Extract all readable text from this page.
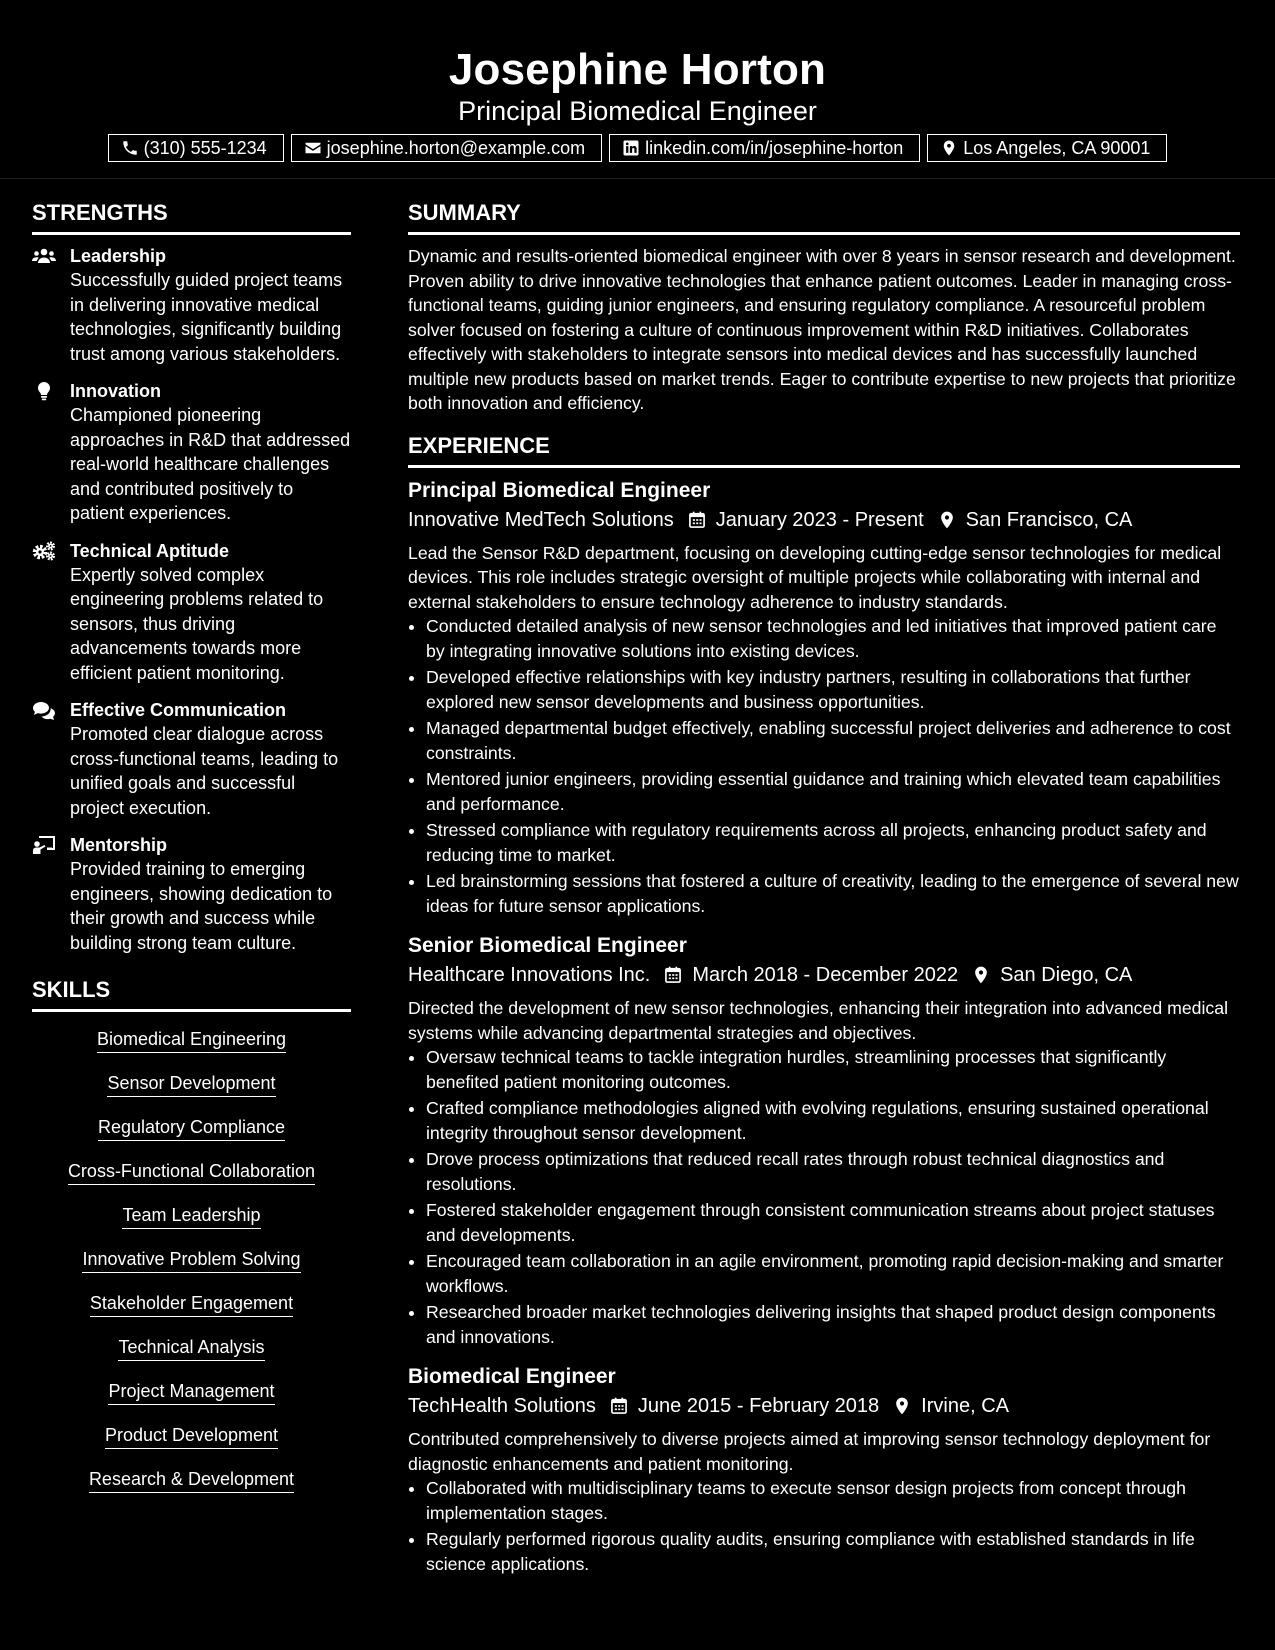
Josephine Horton
Principal Biomedical Engineer
(310) 555-1234	josephine.horton@example.com	linkedin.com/in/josephine-horton	Los Angeles, CA 90001
STRENGTHS
Leadership
Successfully guided project teams in delivering innovative medical technologies, significantly building trust among various stakeholders.
Innovation
Championed pioneering approaches in R&D that addressed real-world healthcare challenges and contributed positively to patient experiences.
Technical Aptitude
Expertly solved complex engineering problems related to sensors, thus driving advancements towards more efficient patient monitoring.
Effective Communication
Promoted clear dialogue across cross-functional teams, leading to unified goals and successful project execution.
Mentorship
Provided training to emerging engineers, showing dedication to their growth and success while building strong team culture.
SKILLS
Biomedical Engineering
Sensor Development
Regulatory Compliance
Cross-Functional Collaboration
Team Leadership
Innovative Problem Solving
Stakeholder Engagement
Technical Analysis
Project Management
Product Development
Research & Development
SUMMARY
Dynamic and results-oriented biomedical engineer with over 8 years in sensor research and development. Proven ability to drive innovative technologies that enhance patient outcomes. Leader in managing cross-functional teams, guiding junior engineers, and ensuring regulatory compliance. A resourceful problem solver focused on fostering a culture of continuous improvement within R&D initiatives. Collaborates effectively with stakeholders to integrate sensors into medical devices and has successfully launched multiple new products based on market trends. Eager to contribute expertise to new projects that prioritize both innovation and efficiency.
EXPERIENCE
Principal Biomedical Engineer
Innovative MedTech Solutions January 2023 - Present San Francisco, CA
Lead the Sensor R&D department, focusing on developing cutting-edge sensor technologies for medical devices. This role includes strategic oversight of multiple projects while collaborating with internal and external stakeholders to ensure technology adherence to industry standards.
• Conducted detailed analysis of new sensor technologies and led initiatives that improved patient care by integrating innovative solutions into existing devices.
• Developed effective relationships with key industry partners, resulting in collaborations that further explored new sensor developments and business opportunities.
• Managed departmental budget effectively, enabling successful project deliveries and adherence to cost constraints.
• Mentored junior engineers, providing essential guidance and training which elevated team capabilities and performance.
• Stressed compliance with regulatory requirements across all projects, enhancing product safety and reducing time to market.
• Led brainstorming sessions that fostered a culture of creativity, leading to the emergence of several new ideas for future sensor applications.
Senior Biomedical Engineer
Healthcare Innovations Inc. March 2018 - December 2022 San Diego, CA
Directed the development of new sensor technologies, enhancing their integration into advanced medical systems while advancing departmental strategies and objectives.
• Oversaw technical teams to tackle integration hurdles, streamlining processes that significantly benefited patient monitoring outcomes.
• Crafted compliance methodologies aligned with evolving regulations, ensuring sustained operational integrity throughout sensor development.
• Drove process optimizations that reduced recall rates through robust technical diagnostics and resolutions.
• Fostered stakeholder engagement through consistent communication streams about project statuses and developments.
• Encouraged team collaboration in an agile environment, promoting rapid decision-making and smarter workflows.
• Researched broader market technologies delivering insights that shaped product design components and innovations.
Biomedical Engineer
TechHealth Solutions June 2015 - February 2018 Irvine, CA
Contributed comprehensively to diverse projects aimed at improving sensor technology deployment for diagnostic enhancements and patient monitoring.
• Collaborated with multidisciplinary teams to execute sensor design projects from concept through implementation stages.
• Regularly performed rigorous quality audits, ensuring compliance with established standards in life science applications.
